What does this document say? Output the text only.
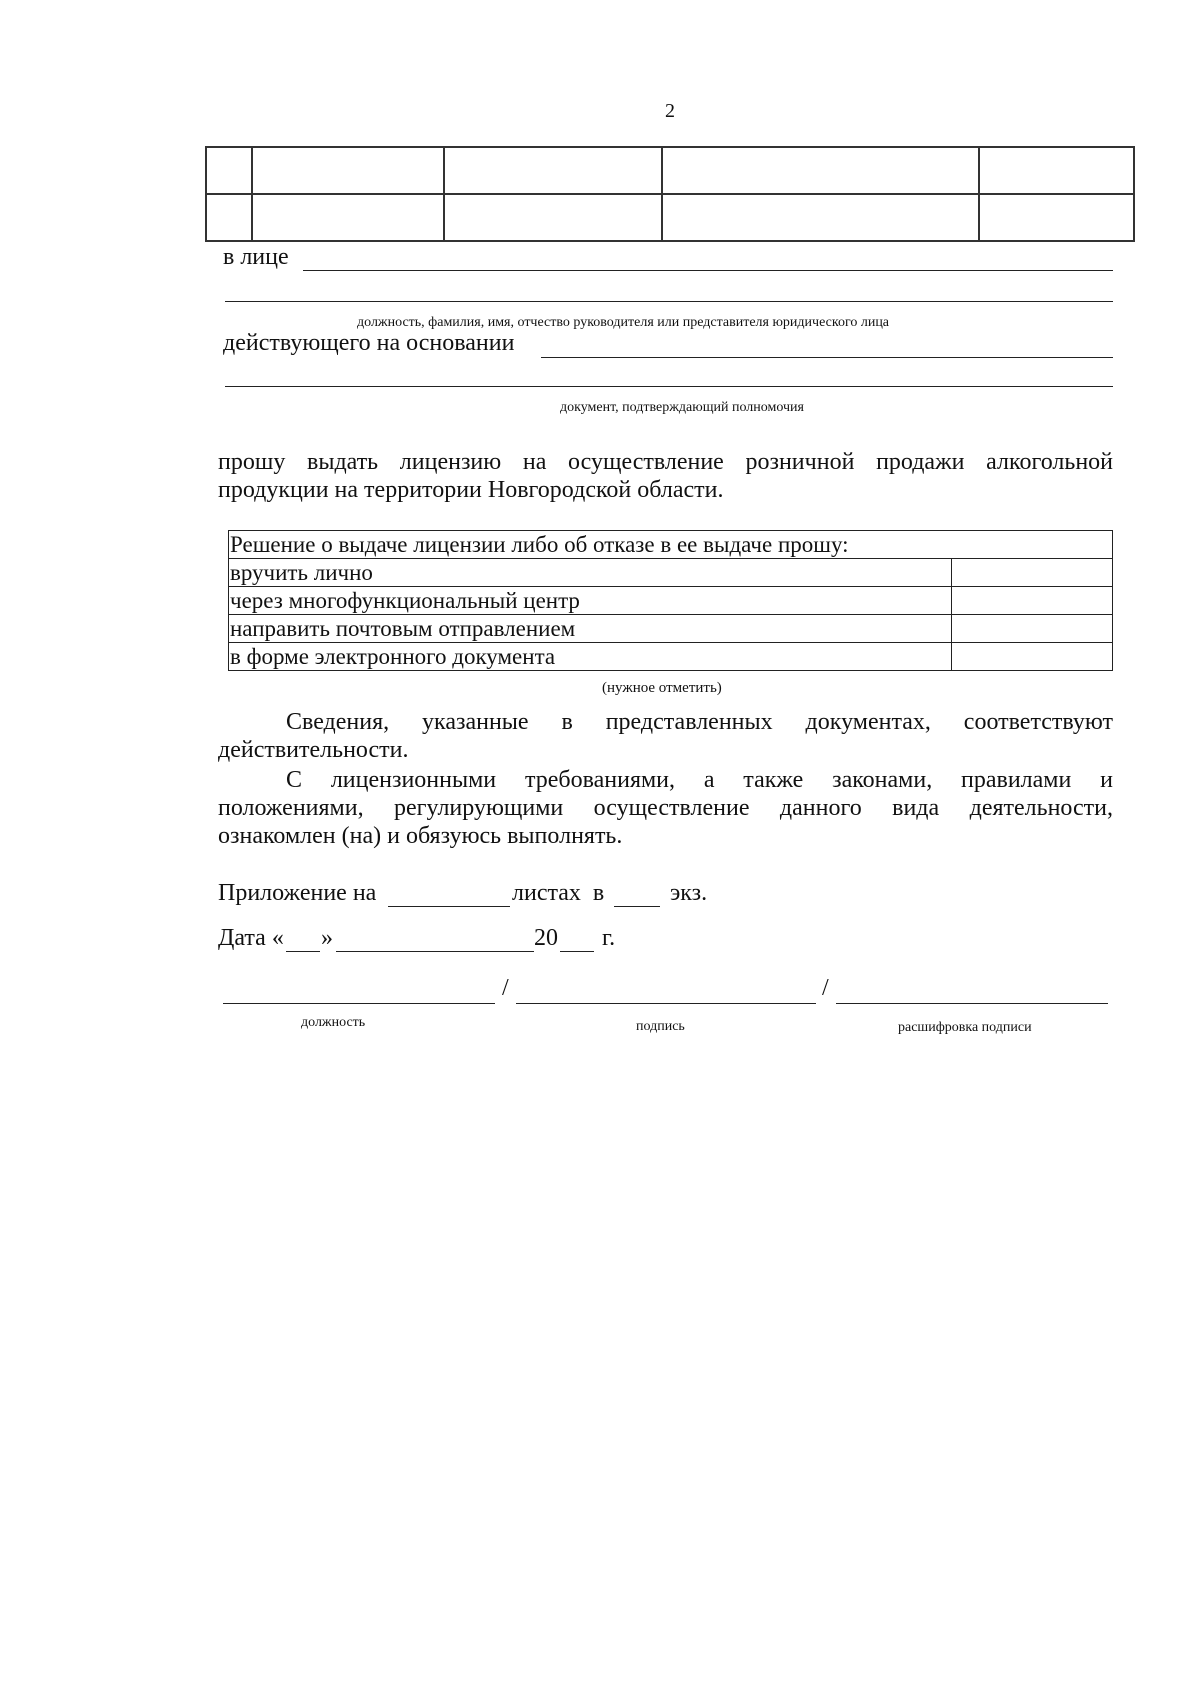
2

в лице
должность, фамилия, имя, отчество руководителя или представителя юридического лица
действующего на основании
документ, подтверждающий полномочия
прошу выдать лицензию на осуществление розничной продажи алкогольной
продукции на территории Новгородской области.
Решение о выдаче лицензии либо об отказе в ее выдаче прошу:	
вручить лично	
через многофункциональный центр	
направить почтовым отправлением	
в форме электронного документа	
(нужное отметить)
Сведения, указанные в представленных документах, соответствуют
действительности.
С лицензионными требованиями, а также законами, правилами и
положениями, регулирующими осуществление данного вида деятельности,
ознакомлен (на) и обязуюсь выполнять.
Приложение на	листах  в	экз.
Дата « »	20 г.
/	/
должность	подпись	расшифровка подписи
